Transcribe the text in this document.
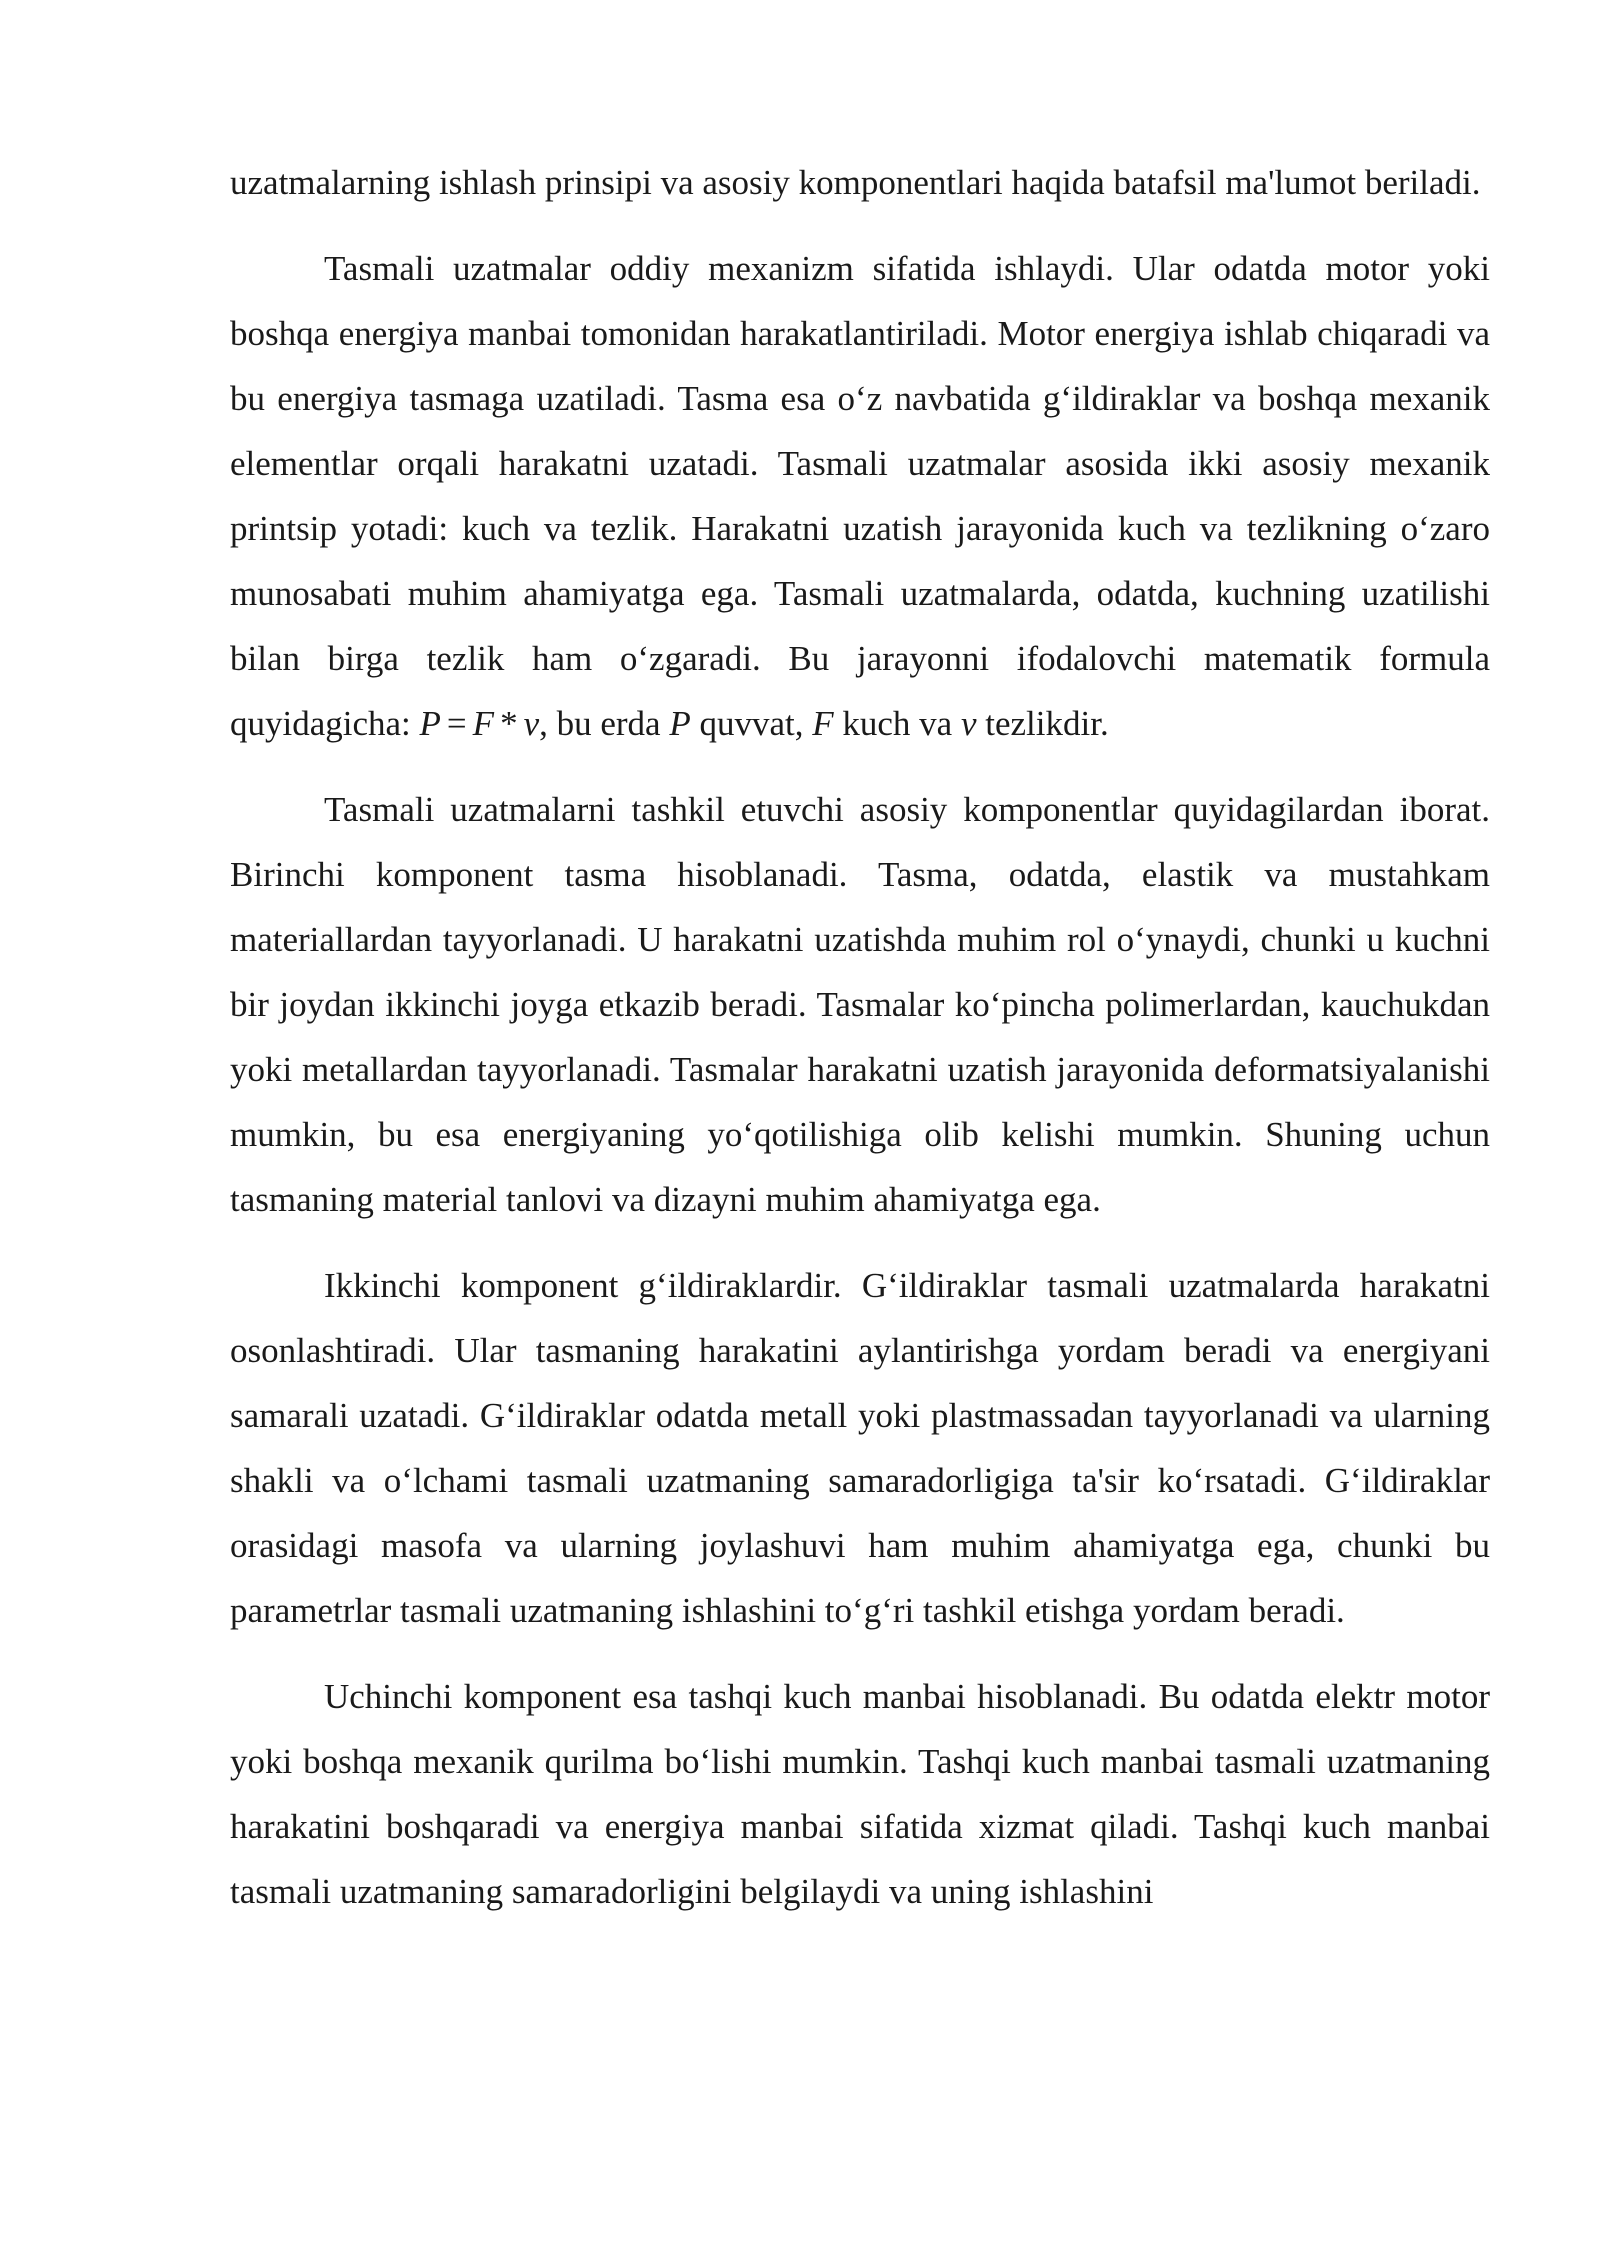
uzatmalarning ishlash prinsipi va asosiy komponentlari haqida batafsil ma'lumot beriladi.

Tasmali uzatmalar oddiy mexanizm sifatida ishlaydi. Ular odatda motor yoki boshqa energiya manbai tomonidan harakatlantiriladi. Motor energiya ishlab chiqaradi va bu energiya tasmaga uzatiladi. Tasma esa o‘z navbatida g‘ildiraklar va boshqa mexanik elementlar orqali harakatni uzatadi. Tasmali uzatmalar asosida ikki asosiy mexanik printsip yotadi: kuch va tezlik. Harakatni uzatish jarayonida kuch va tezlikning o‘zaro munosabati muhim ahamiyatga ega. Tasmali uzatmalarda, odatda, kuchning uzatilishi bilan birga tezlik ham o‘zgaradi. Bu jarayonni ifodalovchi matematik formula quyidagicha: P = F * v, bu erda P quvvat, F kuch va v tezlikdir.

Tasmali uzatmalarni tashkil etuvchi asosiy komponentlar quyidagilardan iborat. Birinchi komponent tasma hisoblanadi. Tasma, odatda, elastik va mustahkam materiallardan tayyorlanadi. U harakatni uzatishda muhim rol o‘ynaydi, chunki u kuchni bir joydan ikkinchi joyga etkazib beradi. Tasmalar ko‘pincha polimerlardan, kauchukdan yoki metallardan tayyorlanadi. Tasmalar harakatni uzatish jarayonida deformatsiyalanishi mumkin, bu esa energiyaning yo‘qotilishiga olib kelishi mumkin. Shuning uchun tasmaning material tanlovi va dizayni muhim ahamiyatga ega.

Ikkinchi komponent g‘ildiraklardir. G‘ildiraklar tasmali uzatmalarda harakatni osonlashtiradi. Ular tasmaning harakatini aylantirishga yordam beradi va energiyani samarali uzatadi. G‘ildiraklar odatda metall yoki plastmassadan tayyorlanadi va ularning shakli va o‘lchami tasmali uzatmaning samaradorligiga ta'sir ko‘rsatadi. G‘ildiraklar orasidagi masofa va ularning joylashuvi ham muhim ahamiyatga ega, chunki bu parametrlar tasmali uzatmaning ishlashini to‘g‘ri tashkil etishga yordam beradi.

Uchinchi komponent esa tashqi kuch manbai hisoblanadi. Bu odatda elektr motor yoki boshqa mexanik qurilma bo‘lishi mumkin. Tashqi kuch manbai tasmali uzatmaning harakatini boshqaradi va energiya manbai sifatida xizmat qiladi. Tashqi kuch manbai tasmali uzatmaning samaradorligini belgilaydi va uning ishlashini
